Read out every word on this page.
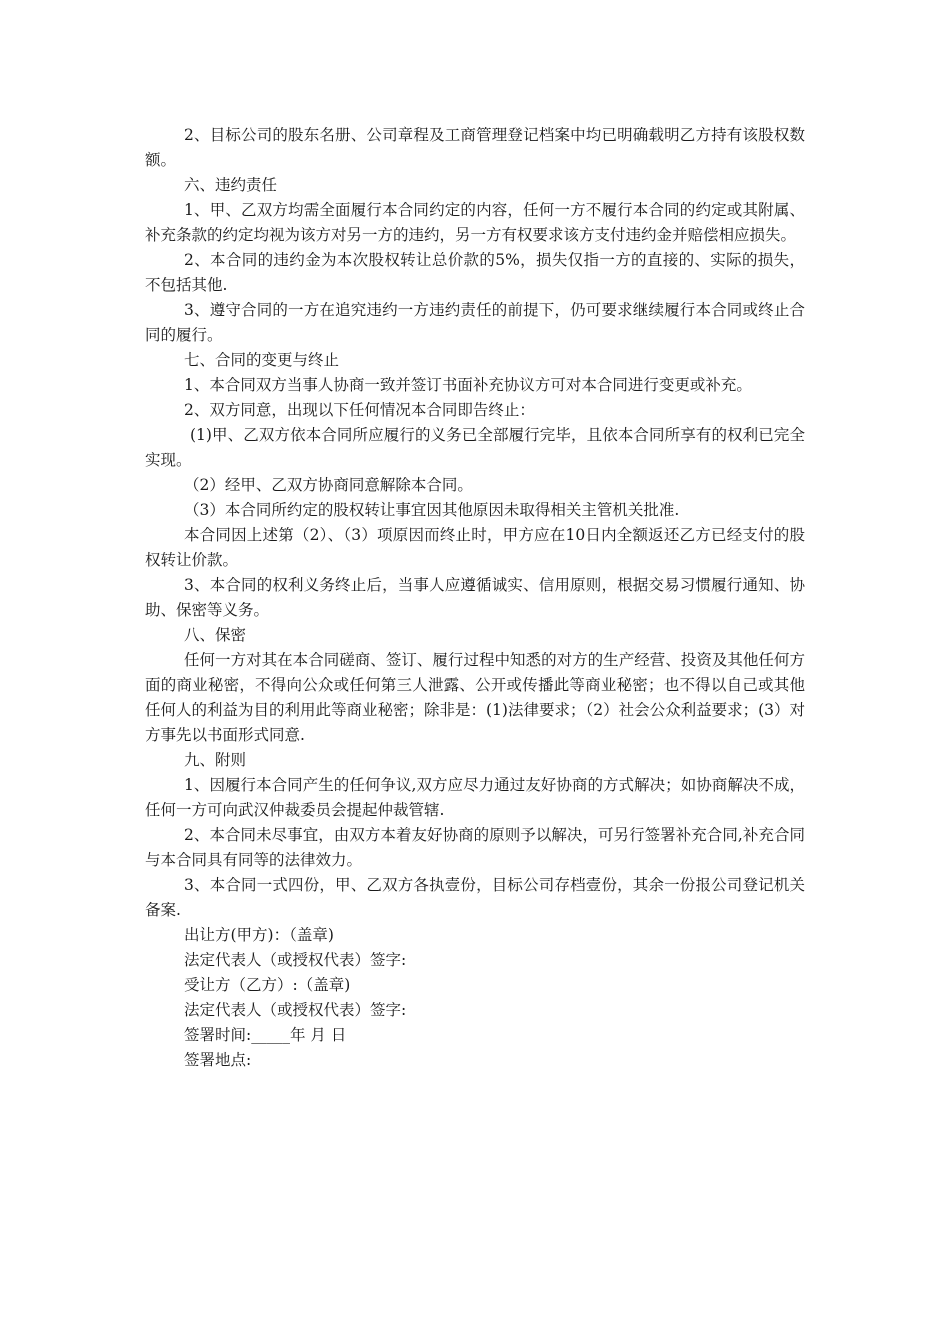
2、目标公司的股东名册、公司章程及工商管理登记档案中均已明确载明乙方持有该股权数额。

六、违约责任

1、甲、乙双方均需全面履行本合同约定的内容，任何一方不履行本合同的约定或其附属、补充条款的约定均视为该方对另一方的违约，另一方有权要求该方支付违约金并赔偿相应损失。

2、本合同的违约金为本次股权转让总价款的5%，损失仅指一方的直接的、实际的损失，不包括其他.

3、遵守合同的一方在追究违约一方违约责任的前提下，仍可要求继续履行本合同或终止合同的履行。

七、合同的变更与终止

1、本合同双方当事人协商一致并签订书面补充协议方可对本合同进行变更或补充。

2、双方同意，出现以下任何情况本合同即告终止：

(1)甲、乙双方依本合同所应履行的义务已全部履行完毕，且依本合同所享有的权利已完全实现。

（2）经甲、乙双方协商同意解除本合同。

（3）本合同所约定的股权转让事宜因其他原因未取得相关主管机关批准.

本合同因上述第（2）、（3）项原因而终止时，甲方应在10日内全额返还乙方已经支付的股权转让价款。

3、本合同的权利义务终止后，当事人应遵循诚实、信用原则，根据交易习惯履行通知、协助、保密等义务。

八、保密

任何一方对其在本合同磋商、签订、履行过程中知悉的对方的生产经营、投资及其他任何方面的商业秘密，不得向公众或任何第三人泄露、公开或传播此等商业秘密；也不得以自己或其他任何人的利益为目的利用此等商业秘密；除非是：(1)法律要求；（2）社会公众利益要求；(3）对方事先以书面形式同意.

九、附则

1、因履行本合同产生的任何争议,双方应尽力通过友好协商的方式解决；如协商解决不成，任何一方可向武汉仲裁委员会提起仲裁管辖.

2、本合同未尽事宜，由双方本着友好协商的原则予以解决，可另行签署补充合同,补充合同与本合同具有同等的法律效力。

3、本合同一式四份，甲、乙双方各执壹份，目标公司存档壹份，其余一份报公司登记机关备案.

出让方(甲方)：（盖章)

法定代表人（或授权代表）签字:

受让方（乙方）:（盖章)

法定代表人（或授权代表）签字:

签署时间:_____年 月 日

签署地点:
